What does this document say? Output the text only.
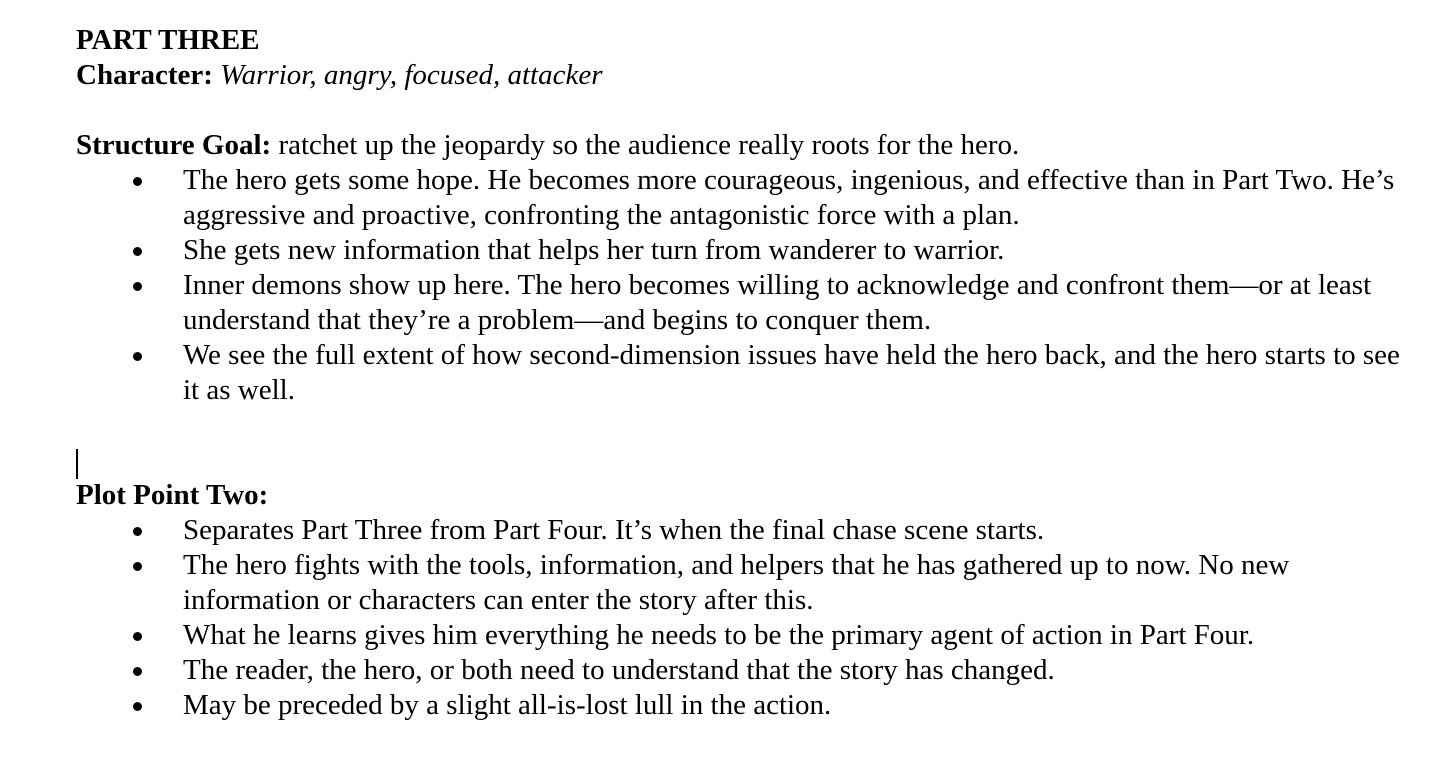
PART THREE
Character: Warrior, angry, focused, attacker
Structure Goal: ratchet up the jeopardy so the audience really roots for the hero.
The hero gets some hope. He becomes more courageous, ingenious, and effective than in Part Two. He’s aggressive and proactive, confronting the antagonistic force with a plan.
She gets new information that helps her turn from wanderer to warrior.
Inner demons show up here. The hero becomes willing to acknowledge and confront them—or at least understand that they’re a problem—and begins to conquer them.
We see the full extent of how second-dimension issues have held the hero back, and the hero starts to see it as well.
Plot Point Two:
Separates Part Three from Part Four. It’s when the final chase scene starts.
The hero fights with the tools, information, and helpers that he has gathered up to now. No new information or characters can enter the story after this.
What he learns gives him everything he needs to be the primary agent of action in Part Four.
The reader, the hero, or both need to understand that the story has changed.
May be preceded by a slight all-is-lost lull in the action.
